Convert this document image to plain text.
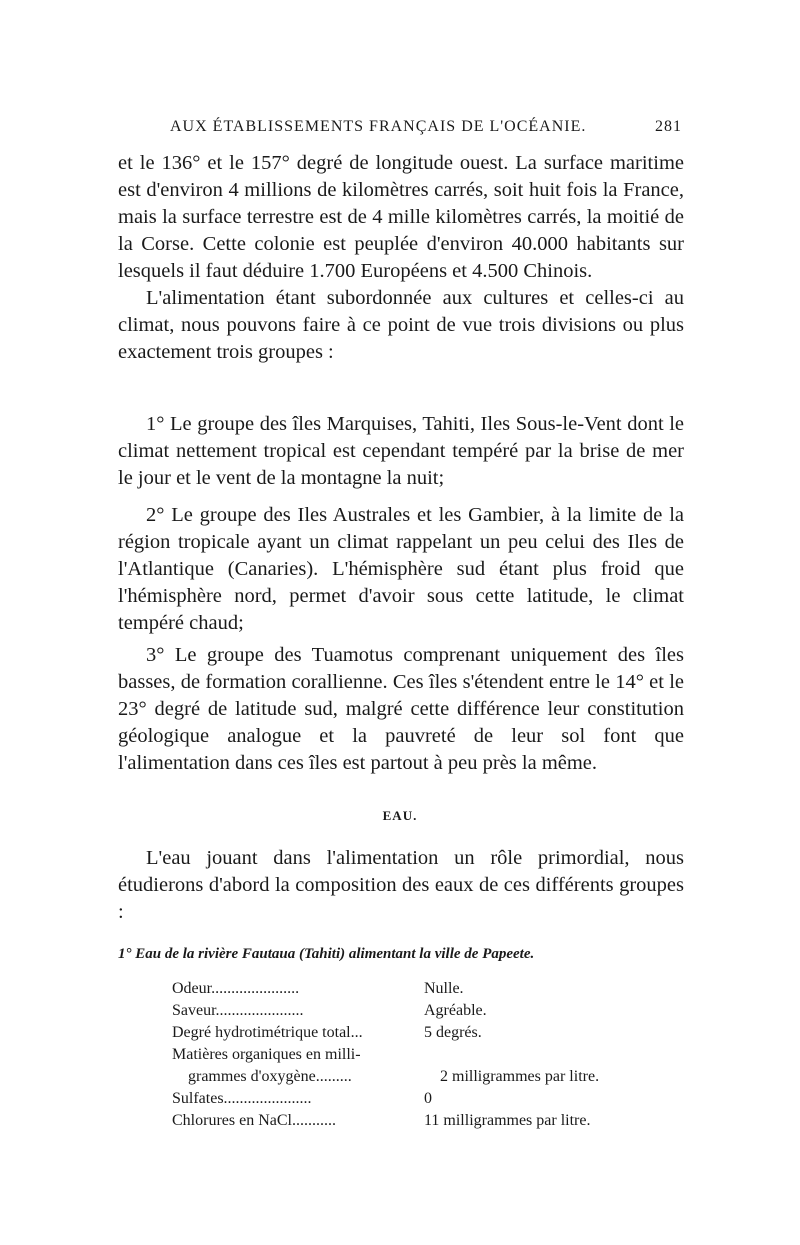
AUX ÉTABLISSEMENTS FRANÇAIS DE L'OCÉANIE.	281

et le 136° et le 157° degré de longitude ouest. La surface maritime est d'environ 4 millions de kilomètres carrés, soit huit fois la France, mais la surface terrestre est de 4 mille kilomètres carrés, la moitié de la Corse. Cette colonie est peuplée d'environ 40.000 habitants sur lesquels il faut déduire 1.700 Européens et 4.500 Chinois.

L'alimentation étant subordonnée aux cultures et celles-ci au climat, nous pouvons faire à ce point de vue trois divisions ou plus exactement trois groupes :

1° Le groupe des îles Marquises, Tahiti, Iles Sous-le-Vent dont le climat nettement tropical est cependant tempéré par la brise de mer le jour et le vent de la montagne la nuit;

2° Le groupe des Iles Australes et les Gambier, à la limite de la région tropicale ayant un climat rappelant un peu celui des Iles de l'Atlantique (Canaries). L'hémisphère sud étant plus froid que l'hémisphère nord, permet d'avoir sous cette latitude, le climat tempéré chaud;

3° Le groupe des Tuamotus comprenant uniquement des îles basses, de formation corallienne. Ces îles s'étendent entre le 14° et le 23° degré de latitude sud, malgré cette différence leur constitution géologique analogue et la pauvreté de leur sol font que l'alimentation dans ces îles est partout à peu près la même.

EAU.

L'eau jouant dans l'alimentation un rôle primordial, nous étudierons d'abord la composition des eaux de ces différents groupes :

1° Eau de la rivière Fautaua (Tahiti) alimentant la ville de Papeete.
Odeur......................	Nulle.
Saveur......................	Agréable.
Degré hydrotimétrique total...	5 degrés.
Matières organiques en milli-
grammes d'oxygène.........	2 milligrammes par litre.
Sulfates......................	0
Chlorures en NaCl...........	11 milligrammes par litre.
